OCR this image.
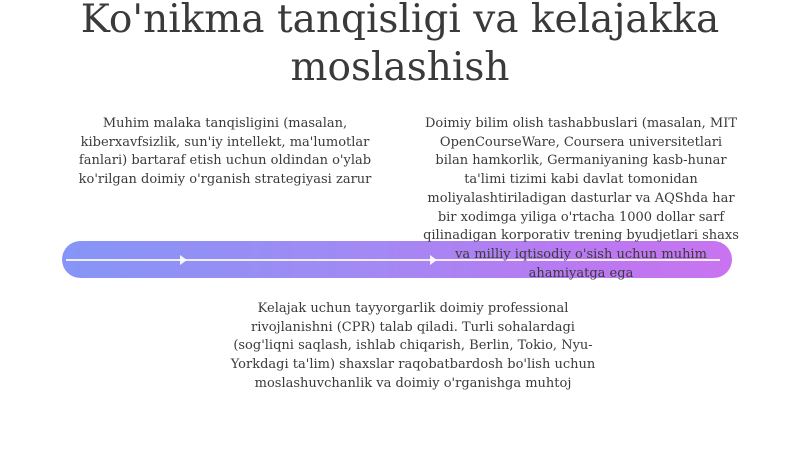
Ko'nikma tanqisligi va kelajakka moslashish

Muhim malaka tanqisligini (masalan, kiberxavfsizlik, sun'iy intellekt, ma'lumotlar fanlari) bartaraf etish uchun oldindan o'ylab ko'rilgan doimiy o'rganish strategiyasi zarur

Doimiy bilim olish tashabbuslari (masalan, MIT OpenCourseWare, Coursera universitetlari bilan hamkorlik, Germaniyaning kasb-hunar ta'limi tizimi kabi davlat tomonidan moliyalashtiriladigan dasturlar va AQShda har bir xodimga yiliga o'rtacha 1000 dollar sarf qilinadigan korporativ trening byudjetlari shaxs va milliy iqtisodiy o'sish uchun muhim ahamiyatga ega

Kelajak uchun tayyorgarlik doimiy professional rivojlanishni (CPR) talab qiladi. Turli sohalardagi (sog'liqni saqlash, ishlab chiqarish, Berlin, Tokio, Nyu-Yorkdagi ta'lim) shaxslar raqobatbardosh bo'lish uchun moslashuvchanlik va doimiy o'rganishga muhtoj
